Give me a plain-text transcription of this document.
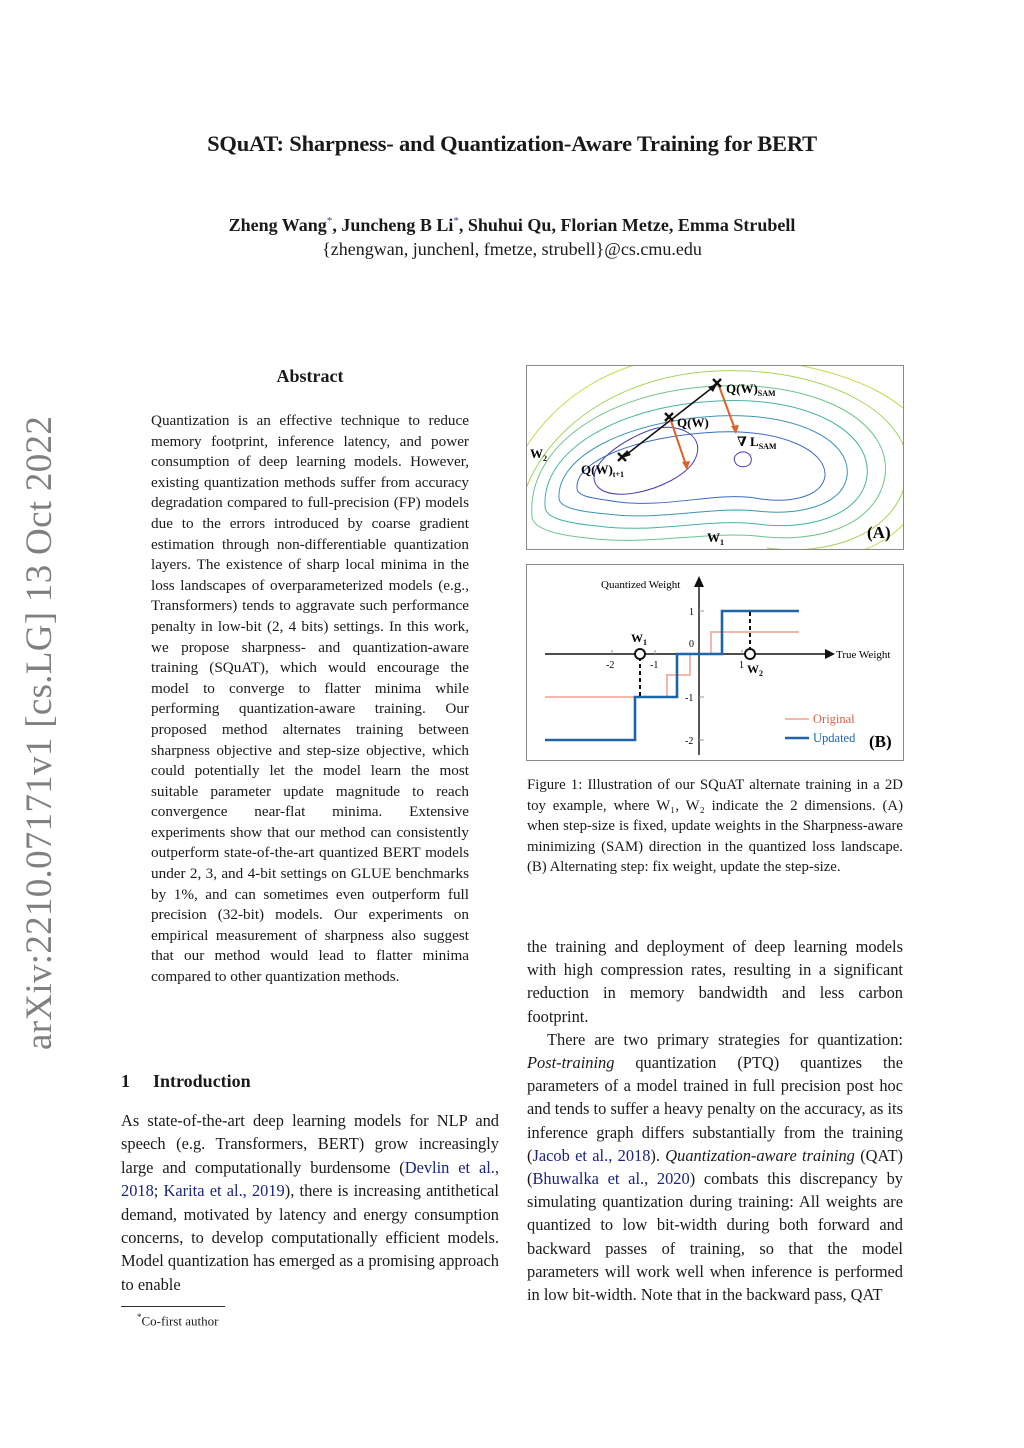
arXiv:2210.07171v1 [cs.LG] 13 Oct 2022
SQuAT: Sharpness- and Quantization-Aware Training for BERT
Zheng Wang*, Juncheng B Li*, Shuhui Qu, Florian Metze, Emma Strubell
{zhengwan, junchenl, fmetze, strubell}@cs.cmu.edu
Abstract
Quantization is an effective technique to reduce memory footprint, inference latency, and power consumption of deep learning models. However, existing quantization methods suffer from accuracy degradation compared to full-precision (FP) models due to the errors introduced by coarse gradient estimation through non-differentiable quantization layers. The existence of sharp local minima in the loss landscapes of overparameterized models (e.g., Transformers) tends to aggravate such performance penalty in low-bit (2, 4 bits) settings. In this work, we propose sharpness- and quantization-aware training (SQuAT), which would encourage the model to converge to flatter minima while performing quantization-aware training. Our proposed method alternates training between sharpness objective and step-size objective, which could potentially let the model learn the most suitable parameter update magnitude to reach convergence near-flat minima. Extensive experiments show that our method can consistently outperform state-of-the-art quantized BERT models under 2, 3, and 4-bit settings on GLUE benchmarks by 1%, and can sometimes even outperform full precision (32-bit) models. Our experiments on empirical measurement of sharpness also suggest that our method would lead to flatter minima compared to other quantization methods.
1 Introduction
As state-of-the-art deep learning models for NLP and speech (e.g. Transformers, BERT) grow increasingly large and computationally burdensome (Devlin et al., 2018; Karita et al., 2019), there is increasing antithetical demand, motivated by latency and energy consumption concerns, to develop computationally efficient models. Model quantization has emerged as a promising approach to enable
*Co-first author
$Q(W)_{SAM}$
Q(W)
∇ $L_{SAM}$
$Q(W)_{t+1}$
$W_2$
$W_1$
(A)
Quantized Weight
True Weight
-2	-1	1
1
0
-1
-2
$W_1$
$W_2$
Original
Updated (B)
Figure 1: Illustration of our SQuAT alternate training in a 2D toy example, where W₁, W₂ indicate the 2 dimensions. (A) when step-size is fixed, update weights in the Sharpness-aware minimizing (SAM) direction in the quantized loss landscape. (B) Alternating step: fix weight, update the step-size.

the training and deployment of deep learning models with high compression rates, resulting in a significant reduction in memory bandwidth and less carbon footprint.

There are two primary strategies for quantization: Post-training quantization (PTQ) quantizes the parameters of a model trained in full precision post hoc and tends to suffer a heavy penalty on the accuracy, as its inference graph differs substantially from the training (Jacob et al., 2018). Quantization-aware training (QAT) (Bhuwalka et al., 2020) combats this discrepancy by simulating quantization during training: All weights are quantized to low bit-width during both forward and backward passes of training, so that the model parameters will work well when inference is performed in low bit-width. Note that in the backward pass, QAT
